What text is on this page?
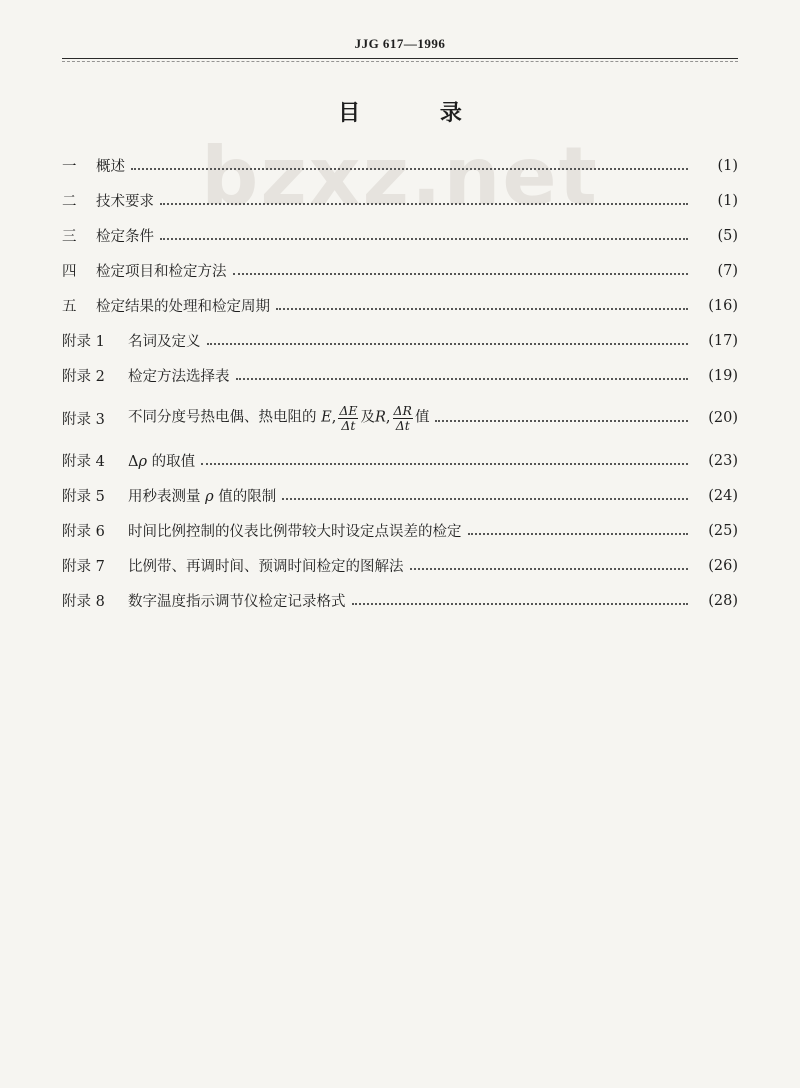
JJG 617—1996
bzxz.net
目 录
一	概述	(1)
二	技术要求	(1)
三	检定条件	(5)
四	检定项目和检定方法	(7)
五	检定结果的处理和检定周期	(16)
附录 1	名词及定义	(17)
附录 2	检定方法选择表	(19)
附录 3	不同分度号热电偶、热电阻的 E, $\frac{\Delta E}{\Delta t}$ 及R, $\frac{\Delta R}{\Delta t}$ 值	(20)
附录 4	Δρ 的取值	(23)
附录 5	用秒表测量 ρ 值的限制	(24)
附录 6	时间比例控制的仪表比例带较大时设定点误差的检定	(25)
附录 7	比例带、再调时间、预调时间检定的图解法	(26)
附录 8	数字温度指示调节仪检定记录格式	(28)
